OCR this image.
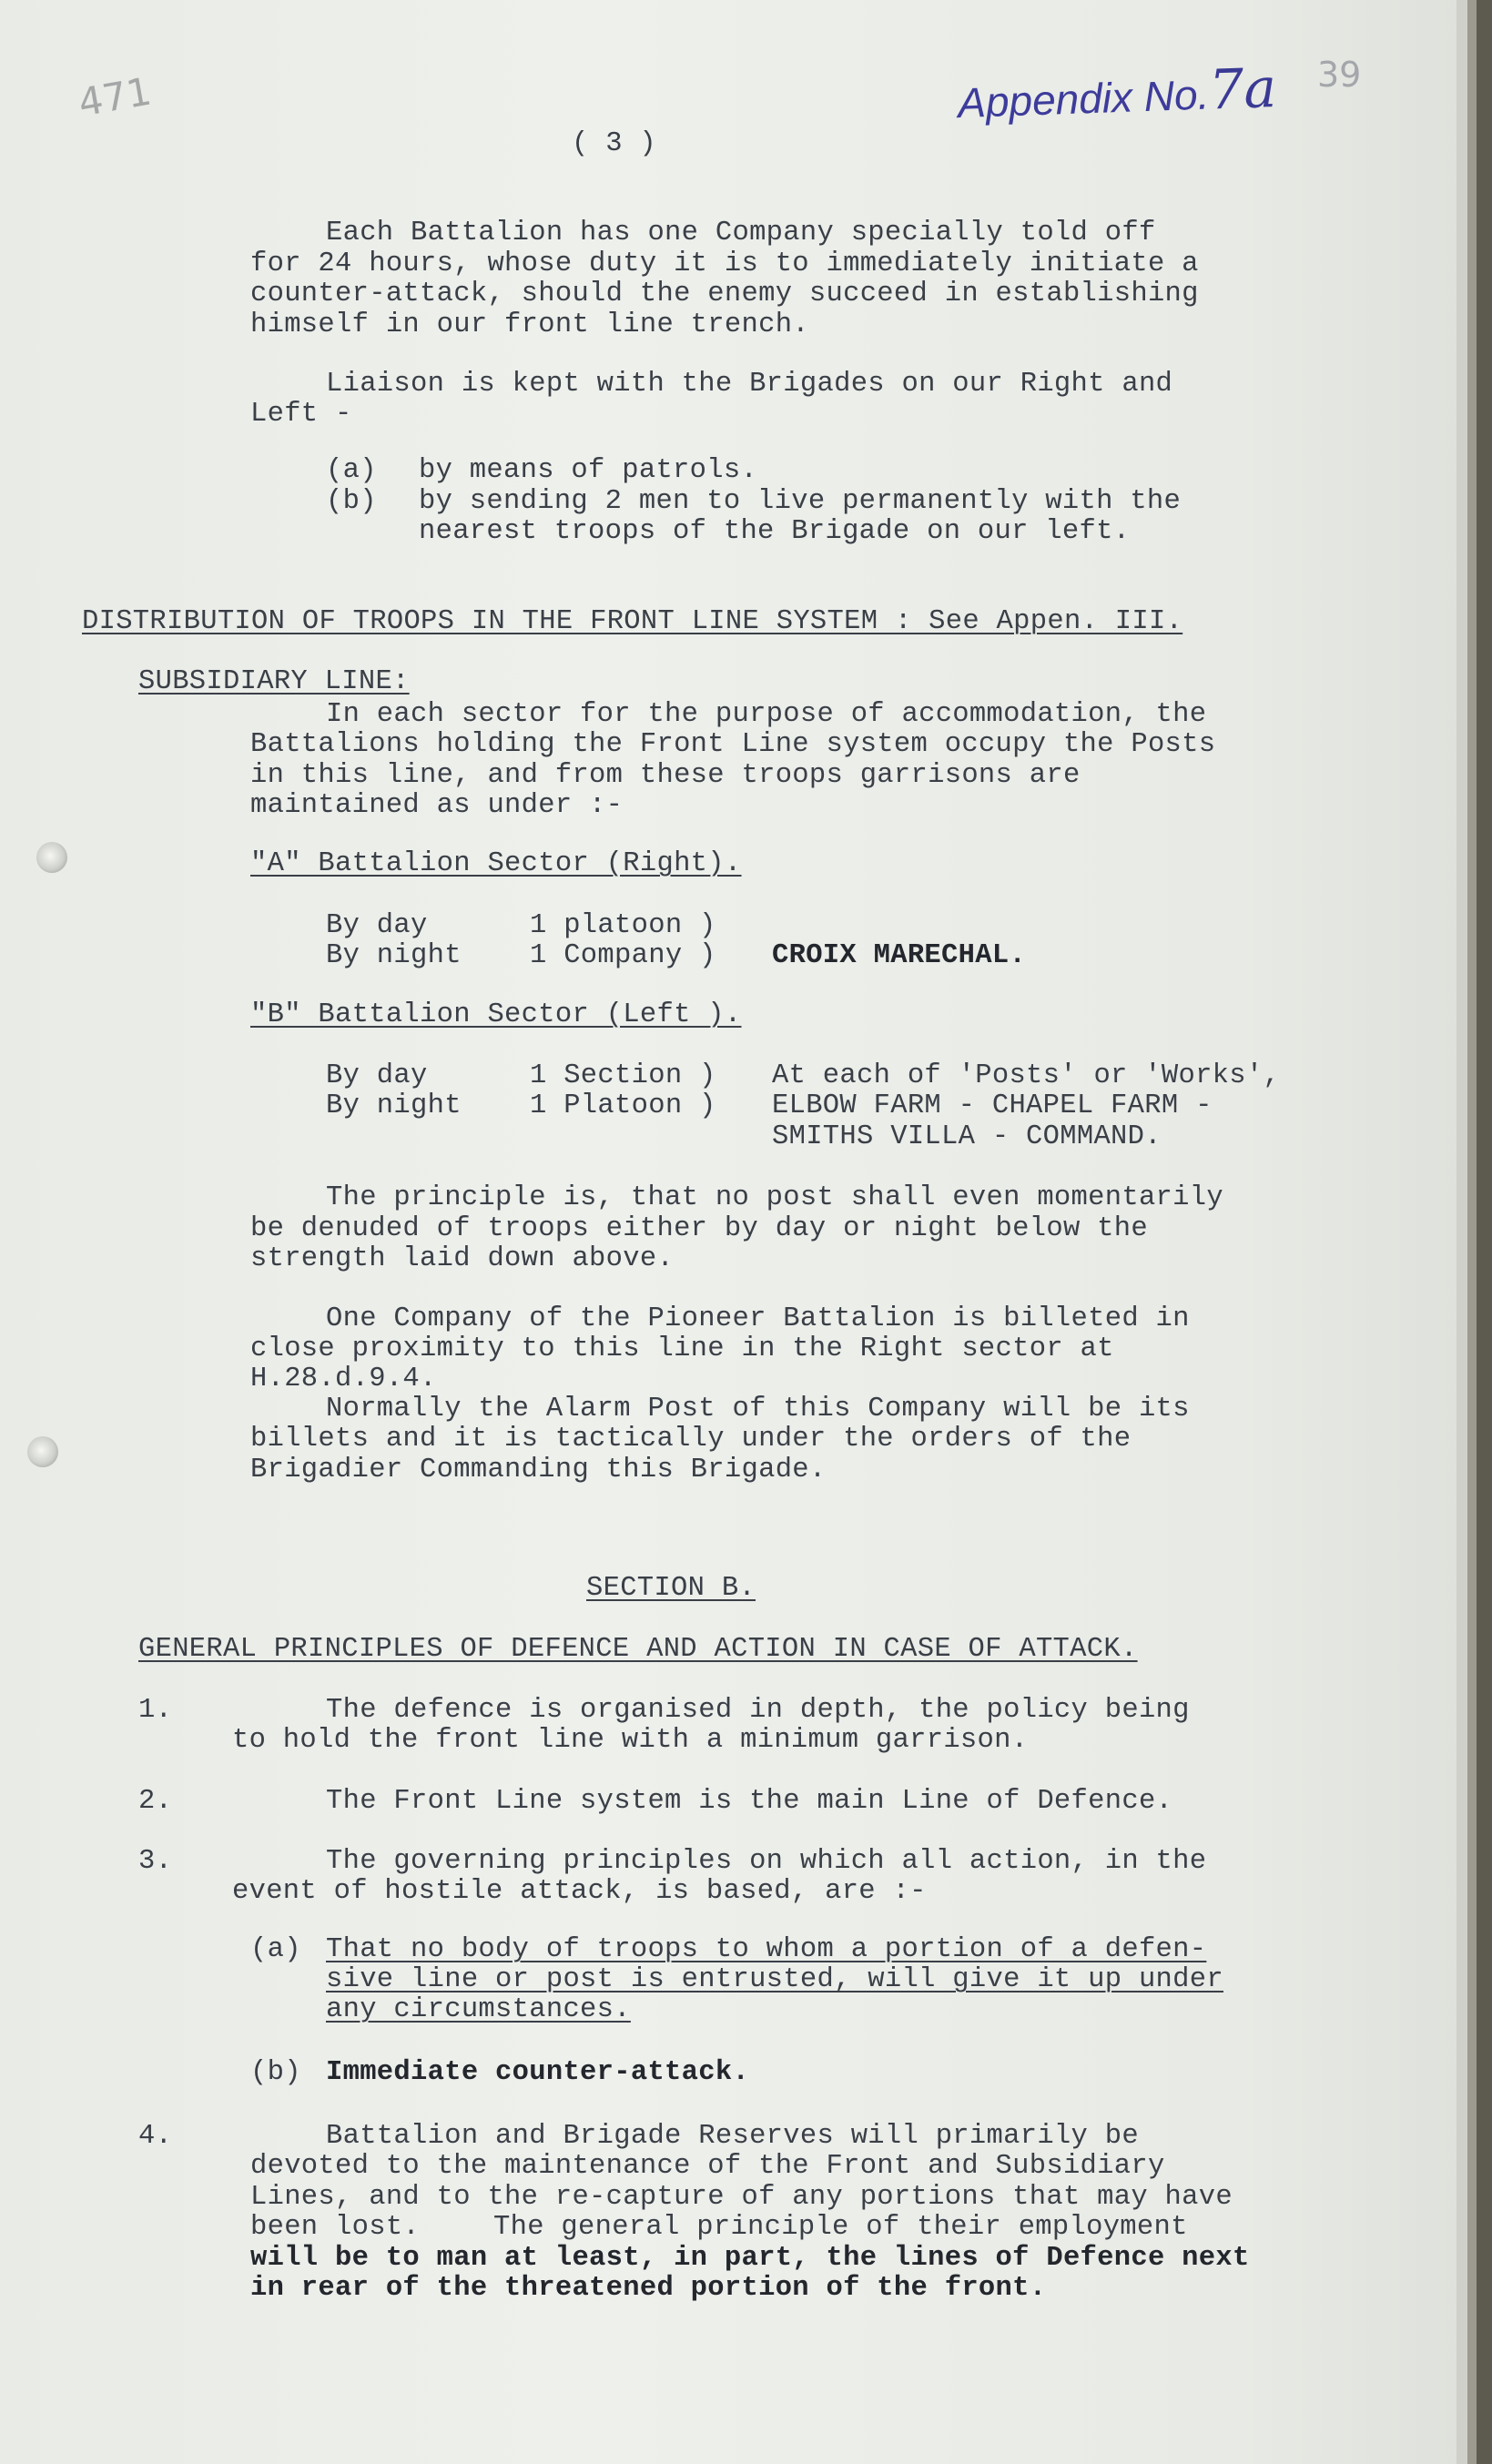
471	Appendix No.7a 39
( 3 )
Each Battalion has one Company specially told off
for 24 hours, whose duty it is to immediately initiate a
counter-attack, should the enemy succeed in establishing
himself in our front line trench.
Liaison is kept with the Brigades on our Right and
Left -
(a) by means of patrols.
(b) by sending 2 men to live permanently with the
nearest troops of the Brigade on our left.
DISTRIBUTION OF TROOPS IN THE FRONT LINE SYSTEM : See Appen. III.
SUBSIDIARY LINE:
In each sector for the purpose of accommodation, the
Battalions holding the Front Line system occupy the Posts
in this line, and from these troops garrisons are
maintained as under :-
"A" Battalion Sector (Right).
By day	1 platoon )
By night 1 Company ) CROIX MARECHAL.
"B" Battalion Sector (Left ).
By day	1 Section ) At each of 'Posts' or 'Works',
By night 1 Platoon ) ELBOW FARM - CHAPEL FARM -
SMITHS VILLA - COMMAND.
The principle is, that no post shall even momentarily
be denuded of troops either by day or night below the
strength laid down above.
One Company of the Pioneer Battalion is billeted in
close proximity to this line in the Right sector at
H.28.d.9.4.
Normally the Alarm Post of this Company will be its
billets and it is tactically under the orders of the
Brigadier Commanding this Brigade.
SECTION B.
GENERAL PRINCIPLES OF DEFENCE AND ACTION IN CASE OF ATTACK.
1.	The defence is organised in depth, the policy being
to hold the front line with a minimum garrison.
2.	The Front Line system is the main Line of Defence.
3.	The governing principles on which all action, in the
event of hostile attack, is based, are :-
(a) That no body of troops to whom a portion of a defen-
sive line or post is entrusted, will give it up under
any circumstances.
(b) Immediate counter-attack.
4.	Battalion and Brigade Reserves will primarily be
devoted to the maintenance of the Front and Subsidiary
Lines, and to the re-capture of any portions that may have
been lost.	The general principle of their employment
will be to man at least, in part, the lines of Defence next
in rear of the threatened portion of the front.
